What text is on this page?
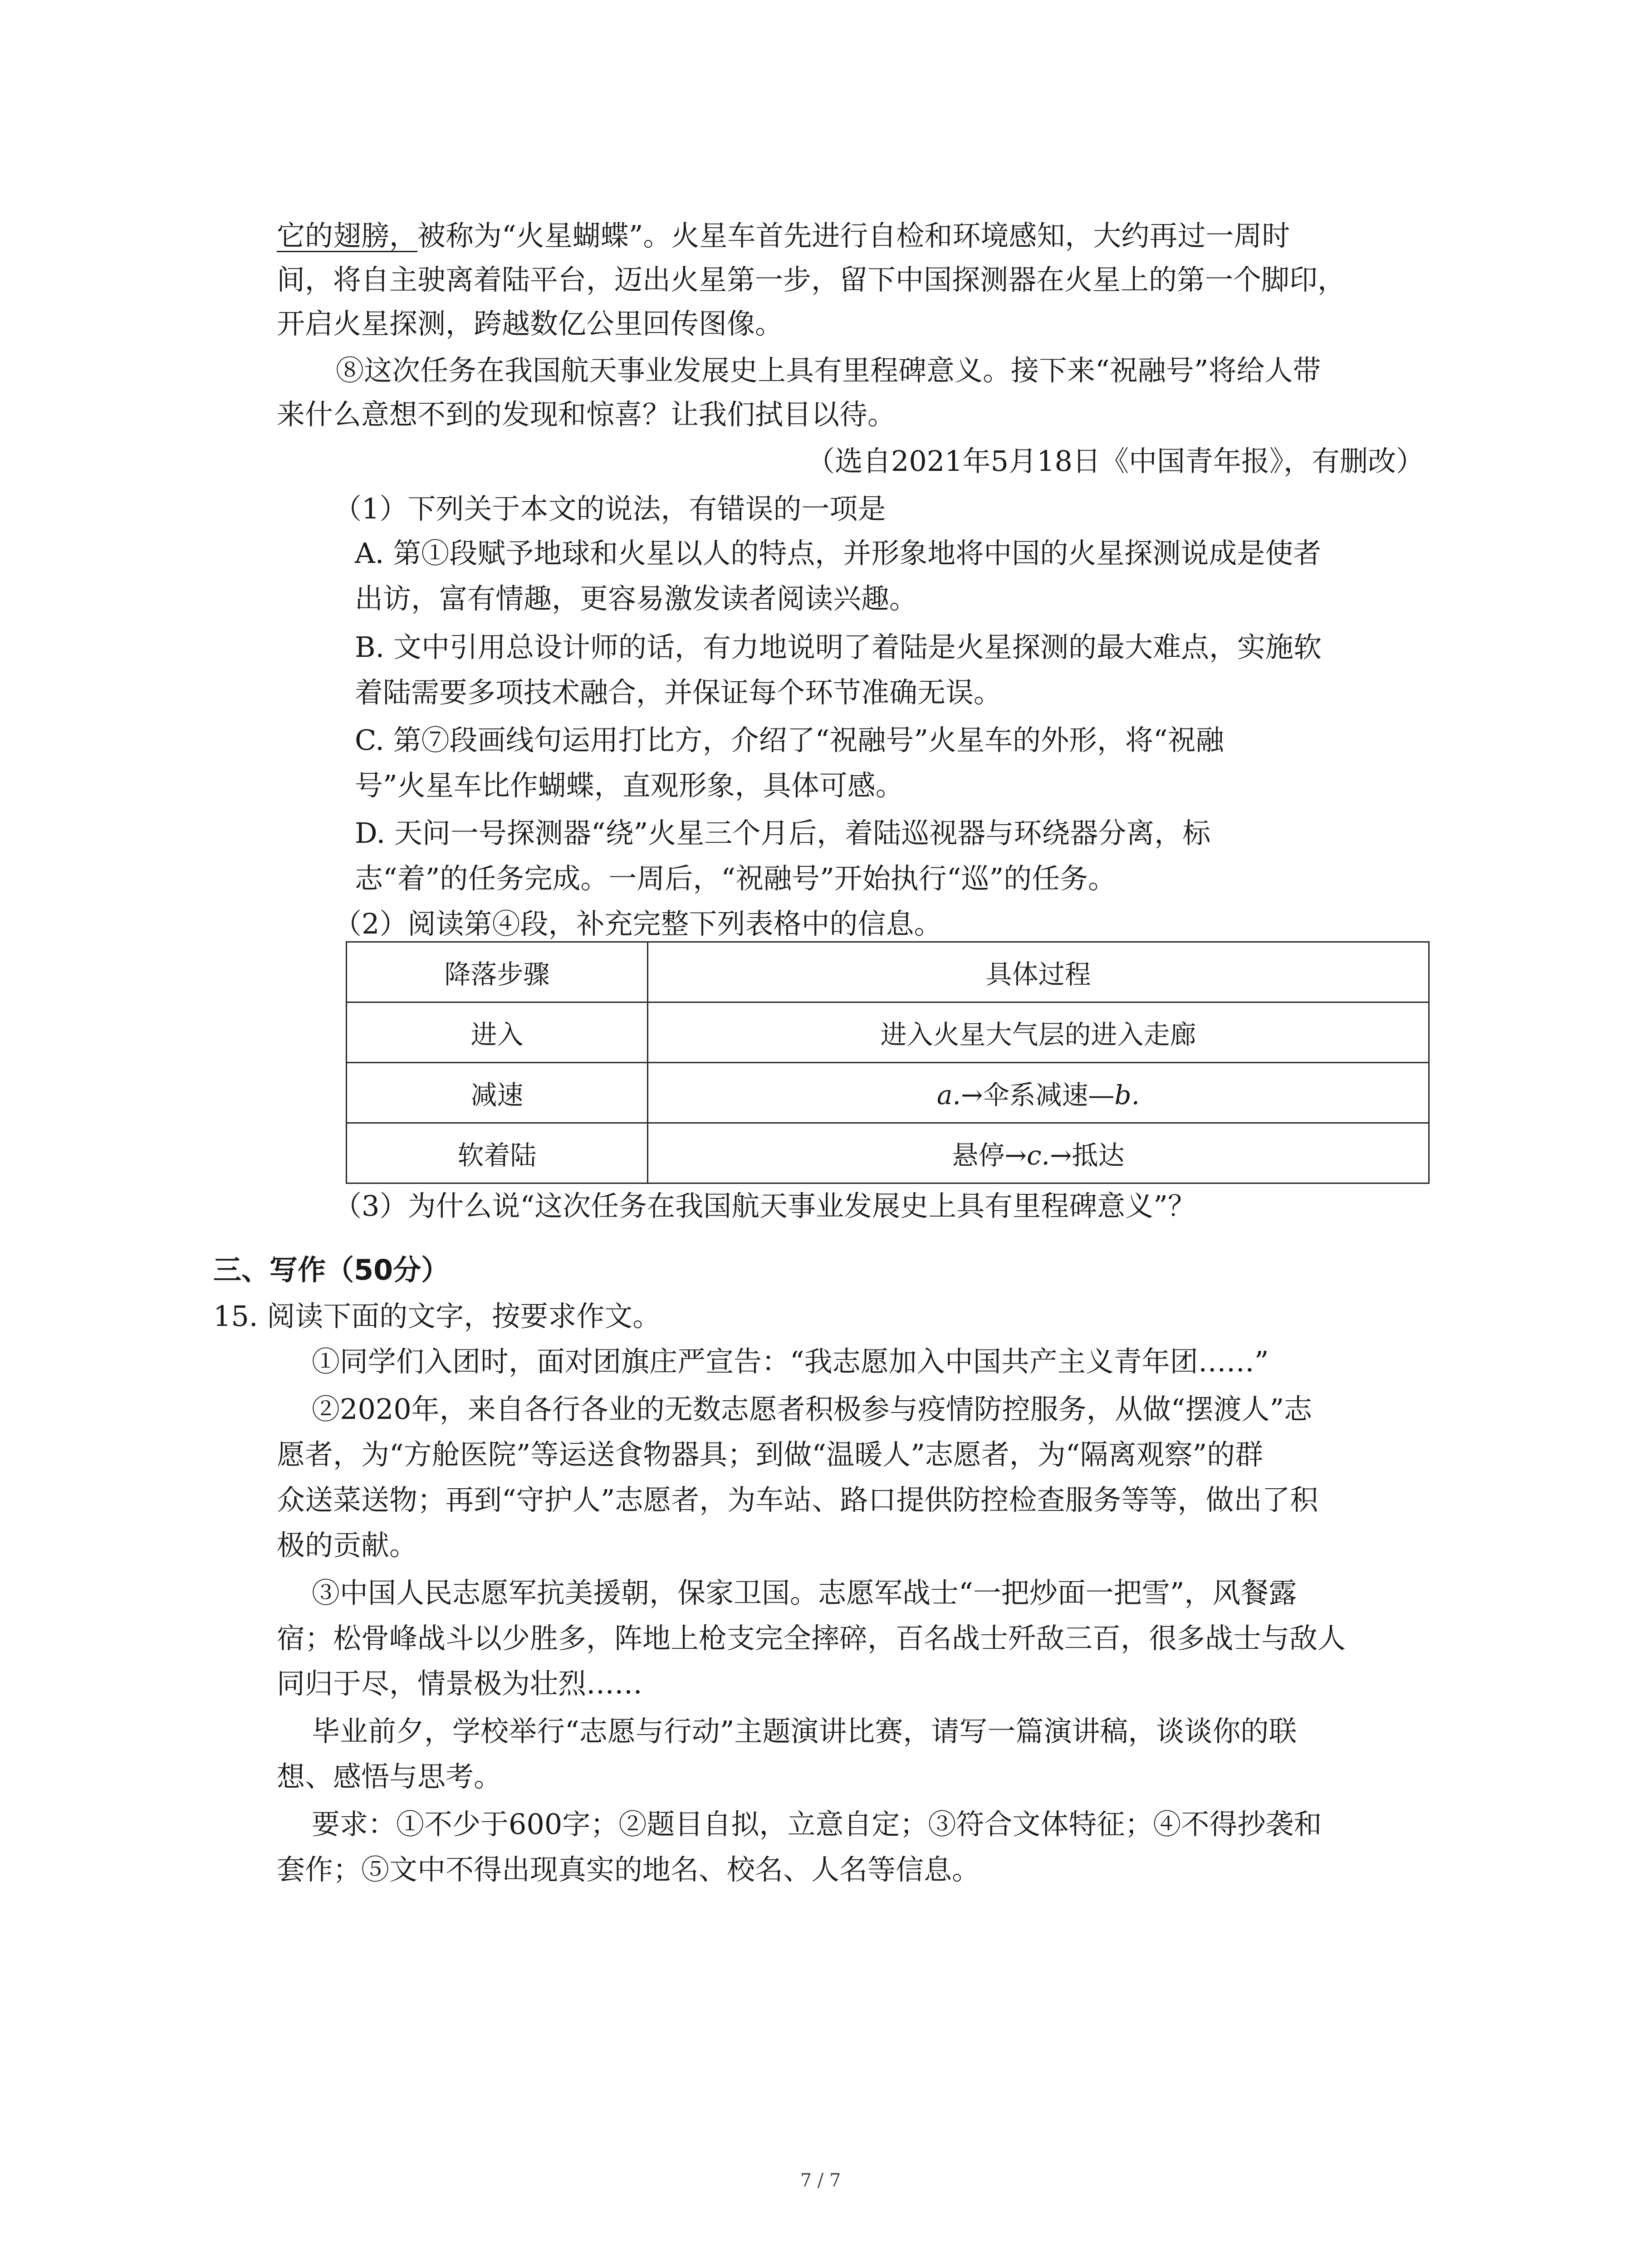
它的翅膀，被称为“火星蝴蝶”。火星车首先进行自检和环境感知，大约再过一周时
间，将自主驶离着陆平台，迈出火星第一步，留下中国探测器在火星上的第一个脚印，
开启火星探测，跨越数亿公里回传图像。
⑧这次任务在我国航天事业发展史上具有里程碑意义。接下来“祝融号”将给人带
来什么意想不到的发现和惊喜？让我们拭目以待。
（选自2021年5月18日《中国青年报》，有删改）
（1）下列关于本文的说法，有错误的一项是
A. 第①段赋予地球和火星以人的特点，并形象地将中国的火星探测说成是使者
出访，富有情趣，更容易激发读者阅读兴趣。
B. 文中引用总设计师的话，有力地说明了着陆是火星探测的最大难点，实施软
着陆需要多项技术融合，并保证每个环节准确无误。
C. 第⑦段画线句运用打比方，介绍了“祝融号”火星车的外形，将“祝融
号”火星车比作蝴蝶，直观形象，具体可感。
D. 天问一号探测器“绕”火星三个月后，着陆巡视器与环绕器分离，标
志“着”的任务完成。一周后，“祝融号”开始执行“巡”的任务。
（2）阅读第④段，补充完整下列表格中的信息。
降落步骤	具体过程
进入	进入火星大气层的进入走廊
减速	a.→伞系减速—b.
软着陆	悬停→c.→抵达
（3）为什么说“这次任务在我国航天事业发展史上具有里程碑意义”？
三、写作（50分）
15. 阅读下面的文字，按要求作文。
①同学们入团时，面对团旗庄严宣告：“我志愿加入中国共产主义青年团……”
②2020年，来自各行各业的无数志愿者积极参与疫情防控服务，从做“摆渡人”志
愿者，为“方舱医院”等运送食物器具；到做“温暖人”志愿者，为“隔离观察”的群
众送菜送物；再到“守护人”志愿者，为车站、路口提供防控检查服务等等，做出了积
极的贡献。
③中国人民志愿军抗美援朝，保家卫国。志愿军战士“一把炒面一把雪”，风餐露
宿；松骨峰战斗以少胜多，阵地上枪支完全摔碎，百名战士歼敌三百，很多战士与敌人
同归于尽，情景极为壮烈……
毕业前夕，学校举行“志愿与行动”主题演讲比赛，请写一篇演讲稿，谈谈你的联
想、感悟与思考。
要求：①不少于600字；②题目自拟，立意自定；③符合文体特征；④不得抄袭和
套作；⑤文中不得出现真实的地名、校名、人名等信息。
7 / 7
